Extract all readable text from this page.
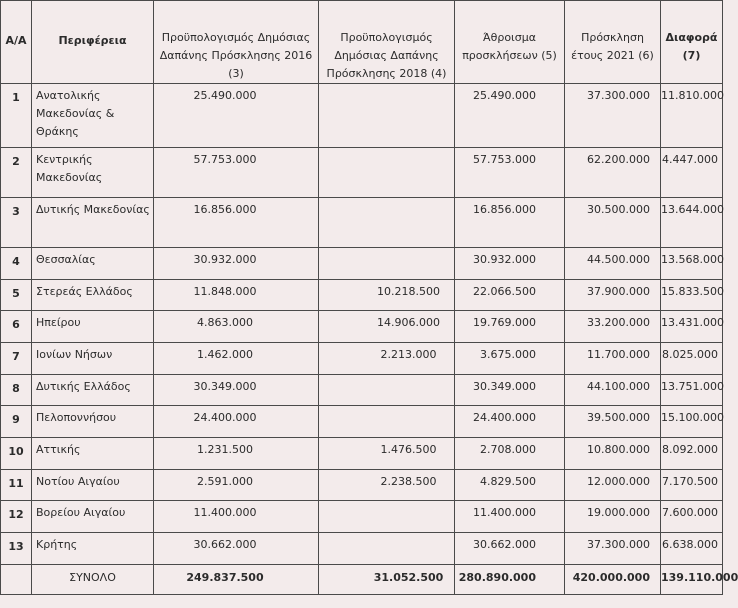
Α/Α	Περιφέρεια	Προϋπολογισμός Δημόσιας Δαπάνης Πρόσκλησης 2016 (3)	Προϋπολογισμός Δημόσιας Δαπάνης Πρόσκλησης 2018 (4)	Άθροισμα προσκλήσεων (5)	Πρόσκληση έτους 2021 (6)	Διαφορά (7)
1	Ανατολικής Μακεδονίας & Θράκης	25.490.000		25.490.000	37.300.000	11.810.000
2	Κεντρικής Μακεδονίας	57.753.000		57.753.000	62.200.000	4.447.000
3	Δυτικής Μακεδονίας	16.856.000		16.856.000	30.500.000	13.644.000
4	Θεσσαλίας	30.932.000		30.932.000	44.500.000	13.568.000
5	Στερεάς Ελλάδος	11.848.000	10.218.500	22.066.500	37.900.000	15.833.500
6	Ηπείρου	4.863.000	14.906.000	19.769.000	33.200.000	13.431.000
7	Ιονίων Νήσων	1.462.000	2.213.000	3.675.000	11.700.000	8.025.000
8	Δυτικής Ελλάδος	30.349.000		30.349.000	44.100.000	13.751.000
9	Πελοποννήσου	24.400.000		24.400.000	39.500.000	15.100.000
10	Αττικής	1.231.500	1.476.500	2.708.000	10.800.000	8.092.000
11	Νοτίου Αιγαίου	2.591.000	2.238.500	4.829.500	12.000.000	7.170.500
12	Βορείου Αιγαίου	11.400.000		11.400.000	19.000.000	7.600.000
13	Κρήτης	30.662.000		30.662.000	37.300.000	6.638.000
	ΣΥΝΟΛΟ	249.837.500	31.052.500	280.890.000	420.000.000	139.110.000
